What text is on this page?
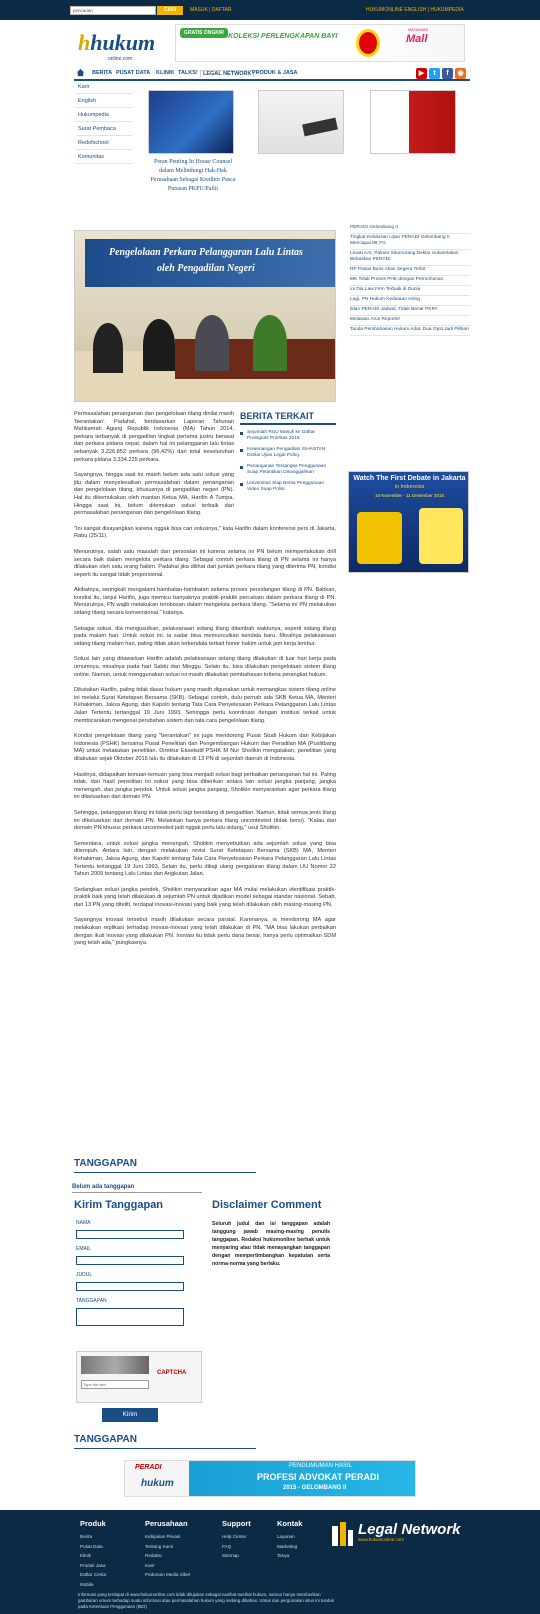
pencarian	CARI	MASUK | DAFTAR	HUKUMONLINE ENGLISH | HUKUMPEDIA
hhukum
online.com
GRATIS ONGKIR KOLEKSI PERLENGKAPAN BAYI
MATAHARI
Mall
BERITA PUSAT DATA KLINIK TALKS! LEGAL NETWORK PRODUK & JASA	▶	t	f	◉
Karir
English
Hukumpedia
Surat Pembaca
Redefschool
Komunitas
Peran Penting In House Counsel dalam Melindungi Hak-Hak Perusahaan Sebagai Kreditor Pasca Putusan PKPU/Pailit
PERADI Gelombang II
Tingkat Kelulusan Ujian PERADI Gelombang II Mencapai 88,7%
Lewat AAI, Palmer Situmorang Deklar Sukarelakan Bebaskan PERADI
RP Pasas Bumi Akan Segera Terbit
MK Tolak Proses PHK dengan Permohonan
Ini Dia Law Firm Terbaik di Dunia
Lagi, PN Hukum Kedutaan Asing
Iklan PERADI Jadwal, Tidak Benar PKPA
Melawan Arus Reporter
Tanda Pembahasan Hukum Adat, Dua Opsi Jadi Pilihan
Pengelolaan Perkara Pelanggaran Lalu Lintas
oleh Pengadilan Negeri

Permasalahan penanganan dan pengelolaan tilang dinilai masih 'berantakan'. Padahal, berdasarkan Laporan Tahunan Mahkamah Agung Republik Indonesia (MA) Tahun 2014, perkara terbanyak di pengadilan tingkat pertama justru berasal dari perkara pidana cepat, dalam hal ini pelanggaran lalu lintas sebanyak 3.226.852 perkara (96,42%) dari total keseluruhan perkara pidana 3.334.225 perkara.

Sayangnya, hingga saat ini masih belum ada satu solusi yang jitu dalam menyelesaikan permasalahan dalam penanganan dan pengelolaan tilang, khususnya di pengadilan negeri (PN). Hal itu dikemukakan oleh mantan Ketua MA, Harifin A Tumpa. Hingga saat ini, belum ditemukan solusi terbaik dari permasalahan penanganan dan pengelolaan tilang.

"Ini sangat disayangkan karena nggak bisa cari solusinya," kata Harifin dalam konferensi pers di Jakarta, Rabu (25/11).

Menurutnya, salah satu masalah dari persoalan ini karena selama ini PN belum memperlakukan drill secara baik dalam mengelola perkara tilang. Sebagai contoh perkara tilang di PN selama ini hanya dilakukan oleh satu orang hakim. Padahal jika dilihat dari jumlah perkara tilang yang diterima PN, kondisi seperti itu sangat tidak proporsional.

Akibatnya, seringkali mengalami hambatan-hambatan selama proses persidangan tilang di PN. Bahkan, kondisi itu, lanjut Harifin, juga memicu banyaknya praktik-praktik percaloan dalam perkara tilang di PN. Menurutnya, PN wajib melakukan terobosan dalam mengelola perkara tilang. "Selama ini PN melakukan sidang tilang secara konvensional," katanya.

Sebagai solusi, dia mengusulkan, pelaksanaan sidang tilang ditambah waktunya, seperti sidang tilang pada malam hari. Untuk solusi ini, ia sadar bisa memunculkan kendala baru. Misalnya pelaksanaan sidang tilang malam hari, paling tidak akan terkendala terkait honor hakim untuk jam kerja lembur.

Solusi lain yang ditawarkan Harifin adalah pelaksanaan sidang tilang dilakukan di luar hari kerja pada umumnya, misalnya pada hari Sabtu dan Minggu. Selain itu, bisa dilakukan pengelolaan sistem tilang online. Namun, untuk menggunakan solusi ini masih dilakukan pembahasan kriteria perangkat hukum.

Dikatakan Harifin, paling tidak dasar hukum yang masih digunakan untuk memangkas sistem tilang online ini melalui Surat Ketetapan Bersama (SKB). Sebagai contoh, dulu pernah ada SKB Ketua MA, Menteri Kehakiman, Jaksa Agung, dan Kapolri tentang Tata Cara Penyelesaian Perkara Pelanggaran Lalu Lintas Jalan Tertentu tertanggal 19 Juni 1993. Sehingga perlu koordinasi dengan institusi terkait untuk membicarakan mengenai perubahan sistem dan tata cara pengelolaan tilang.

Kondisi pengelolaan tilang yang "berantakan" ini juga mendorong Pusat Studi Hukum dan Kebijakan Indonesia (PSHK) bersama Pusat Penelitian dan Pengembangan Hukum dan Peradilan MA (Puslitbang MA) untuk melakukan penelitian. Direktur Eksekutif PSHK M Nur Sholikin mengatakan, penelitian yang dilakukan sejak Oktober 2015 lalu itu dilakukan di 13 PN di sejumlah daerah di Indonesia.

Hasilnya, didapatkan temuan-temuan yang bisa menjadi solusi bagi perbaikan penanganan hal ini. Paling tidak, dari hasil penelitian ini solusi yang bisa diberikan antara lain solusi jangka panjang, jangka menengah, dan jangka pendek. Untuk solusi jangka panjang, Sholikin menyarankan agar perkara tilang ini dikeluarkan dari domain PN.

Sehingga, pelanggaran tilang ini tidak perlu lagi bersidang di pengadilan. Namun, tidak semua jenis tilang ini dikeluarkan dari domain PN. Melainkan hanya perkara tilang uncontested (tidak bersi). "Kalau dari domain PN khusus perkara uncontested jadi nggak perlu lalu sidang," usul Sholikin.

Sementara, untuk solusi jangka menengah, Sholikin menyebutkan ada sejumlah solusi yang bisa ditempuh. Antara lain, dengan melakukan revisi Surat Ketetapan Bersama (SKB) MA, Menteri Kehakiman, Jaksa Agung, dan Kapolri tentang Tata Cara Penyelesaian Perkara Pelanggaran Lalu Lintas Tertentu tertanggal 19 Juni 1993. Selain itu, perlu dikaji ulang pengaturan tilang dalam UU Nomor 22 Tahun 2009 tentang Lalu Lintas dan Angkutan Jalan.

Sedangkan solusi jangka pendek, Sholikin menyarankan agar MA mulai melakukan identifikasi praktik-praktik baik yang telah dilakukan di sejumlah PN untuk dijadikan model sebagai standar nasional. Sebab, dari 13 PN yang diteliti, terdapat inovasi-inovasi yang baik yang telah dilakukan oleh masing-masing PN.

Sayangnya inovasi tersebut masih dilakukan secara parsial. Karenanya, ia mendorong MA agar melakukan replikasi terhadap inovasi-inovasi yang telah dilakukan di PN. "MA bisa lakukan perbaikan dengan ikuti inovasi yang dilakukan PN. Inovasi itu tidak perlu dana besar, hanya perlu optimalkan SDM yang telah ada," pungkasnya.

BERITA TERKAIT
Sejumlah RUU Masuk ke Daftar Prolegnas Prioritas 2016
Kewenangan Pengadilan SIHASTAN Dinilai Ujian Legal Policy
Penanganan Tersangka Penggunaan Suap Pelantikan Disanggahkan
Universitas Siap Berita Penggunaan Video Suap Polisi
Watch The First Debate in Jakarta
in Indonesia
16 November - 11 Desember 2015
TANGGAPAN
Belum ada tanggapan
Kirim Tanggapan
NAMA
EMAIL
JUDUL
TANGGAPAN
Type the text
CAPTCHA
Kirim
Disclaimer Comment
Seluruh judul dan isi tanggapan adalah tanggung jawab masing-masing penulis tanggapan. Redaksi hukumonline berhak untuk menyaring atau tidak menayangkan tanggapan dengan mempertimbangkan kepatutan serta norma-norma yang berlaku.
TANGGAPAN
PERADI
hukum
PENGUMUMAN HASIL
PROFESI ADVOKAT PERADI
2015 - GELOMBANG II
Produk
Berita
Pusat Data
Klinik
Produk Jasa
Daftar Cerita
Mobile
Perusahaan
Kebijakan Privasi
Tentang Kami
Redaksi
Karir
Pedoman Media Siber
Support
Help Center
FAQ
Sitemap
Kontak
Layanan
Marketing
Tanya
Legal Network
www.hukumonline.com
Informasi yang terdapat di www.hukumonline.com tidak ditujukan sebagai nasihat-nasihat hukum, namun hanya memberikan gambaran umum terhadap suatu informasi atau permasalahan hukum yang sedang dibahas. Untuk dan pergunakan situs ini tunduk pada Ketentuan Penggunaan (IBO)
